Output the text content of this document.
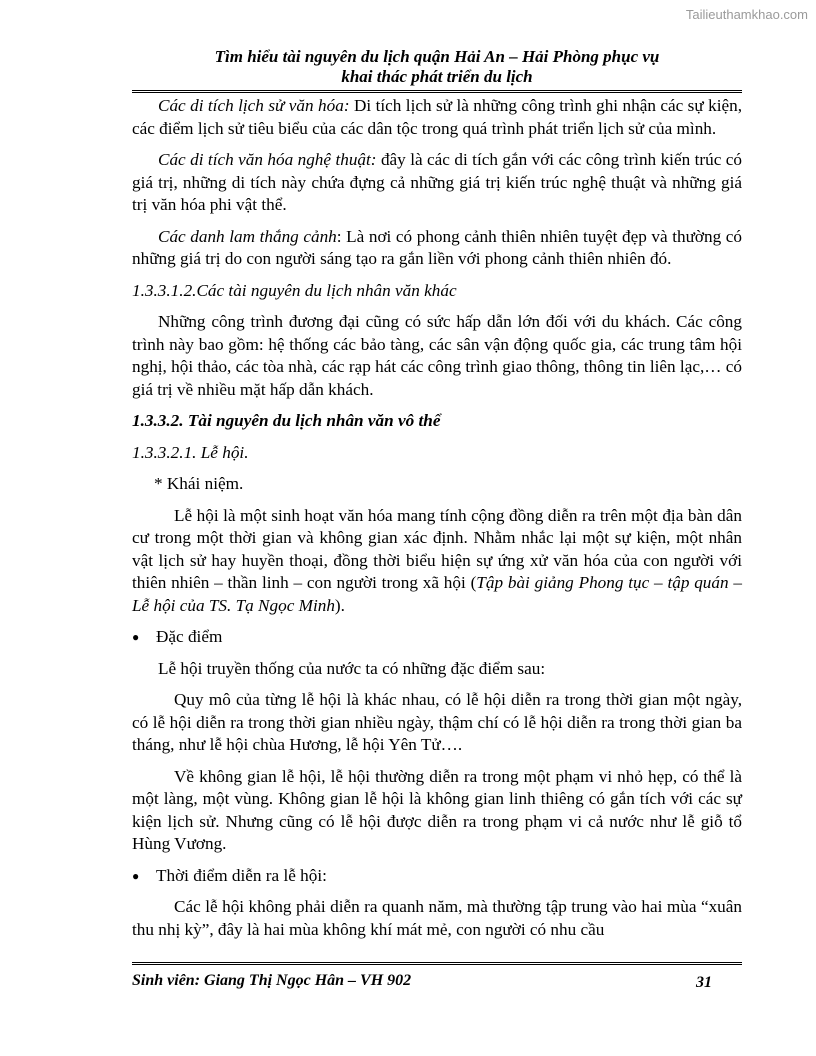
Tailieuthamkhao.com
Tìm hiểu tài nguyên du lịch quận Hải An – Hải Phòng phục vụ
khai thác phát triển du lịch

Các di tích lịch sử văn hóa: Di tích lịch sử là những công trình ghi nhận các sự kiện, các điểm lịch sử tiêu biểu của các dân tộc trong quá trình phát triển lịch sử của mình.

Các di tích văn hóa nghệ thuật: đây là các di tích gắn với các công trình kiến trúc có giá trị, những di tích này chứa đựng cả những giá trị kiến trúc nghệ thuật và những giá trị văn hóa phi vật thể.

Các danh lam thắng cảnh: Là nơi có phong cảnh thiên nhiên tuyệt đẹp và thường có những giá trị do con người sáng tạo ra gắn liền với phong cảnh thiên nhiên đó.

1.3.3.1.2.Các tài nguyên du lịch nhân văn khác

Những công trình đương đại cũng có sức hấp dẫn lớn đối với du khách. Các công trình này bao gồm: hệ thống các bảo tàng, các sân vận động quốc gia, các trung tâm hội nghị, hội thảo, các tòa nhà, các rạp hát các công trình giao thông, thông tin liên lạc,… có giá trị về nhiều mặt hấp dẫn khách.

1.3.3.2. Tài nguyên du lịch nhân văn vô thể

1.3.3.2.1. Lễ hội.

* Khái niệm.

Lễ hội là một sinh hoạt văn hóa mang tính cộng đồng diễn ra trên một địa bàn dân cư trong một thời gian và không gian xác định. Nhằm nhắc lại một sự kiện, một nhân vật lịch sử hay huyền thoại, đồng thời biểu hiện sự ứng xử văn hóa của con người với thiên nhiên – thần linh – con người trong xã hội (Tập bài giảng Phong tục – tập quán – Lễ hội của TS. Tạ Ngọc Minh).

● Đặc điểm

Lễ hội truyền thống của nước ta có những đặc điểm sau:

Quy mô của từng lễ hội là khác nhau, có lễ hội diễn ra trong thời gian một ngày, có lễ hội diễn ra trong thời gian nhiều ngày, thậm chí có lễ hội diễn ra trong thời gian ba tháng, như lễ hội chùa Hương, lễ hội Yên Tử….

Về không gian lễ hội, lễ hội thường diễn ra trong một phạm vi nhỏ hẹp, có thể là một làng, một vùng. Không gian lễ hội là không gian linh thiêng có gắn tích với các sự kiện lịch sử. Nhưng cũng có lễ hội được diễn ra trong phạm vi cả nước như lễ giỗ tổ Hùng Vương.

● Thời điểm diễn ra lễ hội:

Các lễ hội không phải diễn ra quanh năm, mà thường tập trung vào hai mùa “xuân thu nhị kỳ”, đây là hai mùa không khí mát mẻ, con người có nhu cầu

Sinh viên: Giang Thị Ngọc Hân – VH 902	31
